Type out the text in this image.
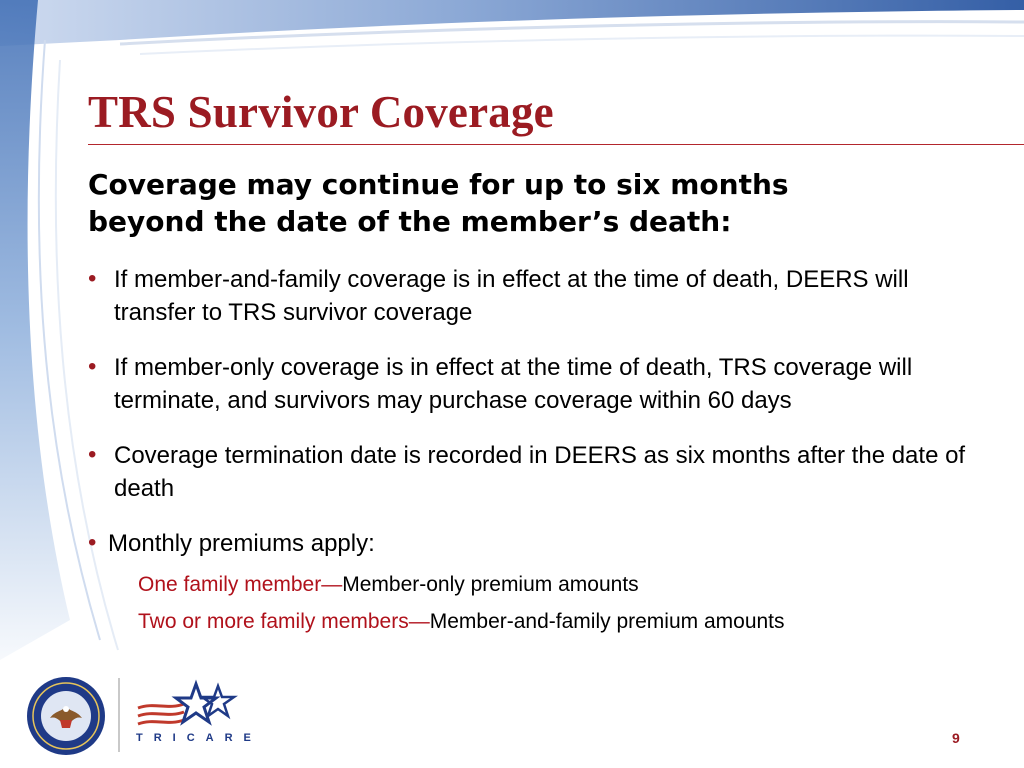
TRS Survivor Coverage
Coverage may continue for up to six months beyond the date of the member’s death:
• If member-and-family coverage is in effect at the time of death, DEERS will transfer to TRS survivor coverage
• If member-only coverage is in effect at the time of death, TRS coverage will terminate, and survivors may purchase coverage within 60 days
• Coverage termination date is recorded in DEERS as six months after the date of death
• Monthly premiums apply:
One family member—Member-only premium amounts
Two or more family members—Member-and-family premium amounts
TRICARE	9
